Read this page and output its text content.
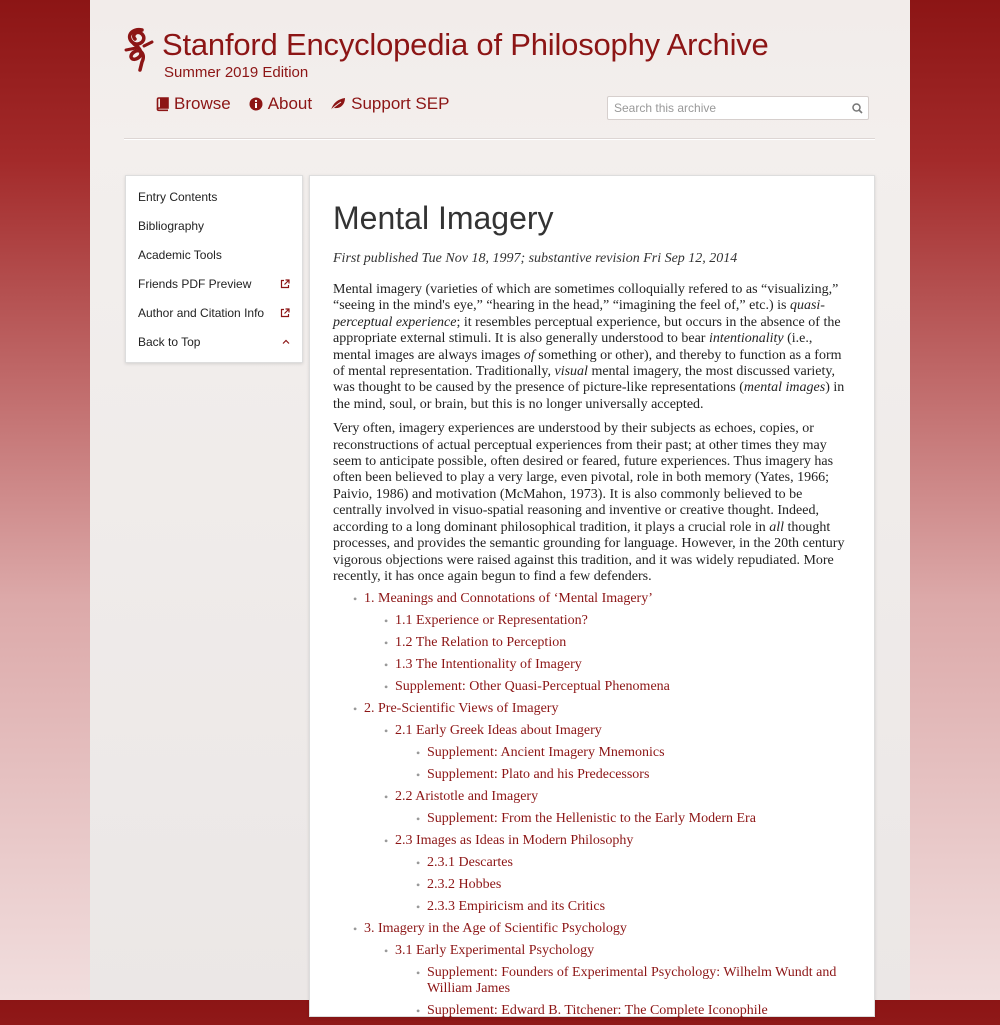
Stanford Encyclopedia of Philosophy Archive
Summer 2019 Edition
Browse About Support SEP
Search this archive
Entry Contents
Bibliography
Academic Tools
Friends PDF Preview
Author and Citation Info
Back to Top
Mental Imagery
First published Tue Nov 18, 1997; substantive revision Fri Sep 12, 2014

Mental imagery (varieties of which are sometimes colloquially refered to as “visualizing,” “seeing in the mind's eye,” “hearing in the head,” “imagining the feel of,” etc.) is quasi-perceptual experience; it resembles perceptual experience, but occurs in the absence of the appropriate external stimuli. It is also generally understood to bear intentionality (i.e., mental images are always images of something or other), and thereby to function as a form of mental representation. Traditionally, visual mental imagery, the most discussed variety, was thought to be caused by the presence of picture-like representations (mental images) in the mind, soul, or brain, but this is no longer universally accepted.

Very often, imagery experiences are understood by their subjects as echoes, copies, or reconstructions of actual perceptual experiences from their past; at other times they may seem to anticipate possible, often desired or feared, future experiences. Thus imagery has often been believed to play a very large, even pivotal, role in both memory (Yates, 1966; Paivio, 1986) and motivation (McMahon, 1973). It is also commonly believed to be centrally involved in visuo-spatial reasoning and inventive or creative thought. Indeed, according to a long dominant philosophical tradition, it plays a crucial role in all thought processes, and provides the semantic grounding for language. However, in the 20th century vigorous objections were raised against this tradition, and it was widely repudiated. More recently, it has once again begun to find a few defenders.

• 1. Meanings and Connotations of ‘Mental Imagery’
• 1.1 Experience or Representation?
• 1.2 The Relation to Perception
• 1.3 The Intentionality of Imagery
• Supplement: Other Quasi-Perceptual Phenomena
• 2. Pre-Scientific Views of Imagery
• 2.1 Early Greek Ideas about Imagery
• Supplement: Ancient Imagery Mnemonics
• Supplement: Plato and his Predecessors
• 2.2 Aristotle and Imagery
• Supplement: From the Hellenistic to the Early Modern Era
• 2.3 Images as Ideas in Modern Philosophy
• 2.3.1 Descartes
• 2.3.2 Hobbes
• 2.3.3 Empiricism and its Critics
• 3. Imagery in the Age of Scientific Psychology
• 3.1 Early Experimental Psychology
• Supplement: Founders of Experimental Psychology: Wilhelm Wundt and William James
• Supplement: Edward B. Titchener: The Complete Iconophile
